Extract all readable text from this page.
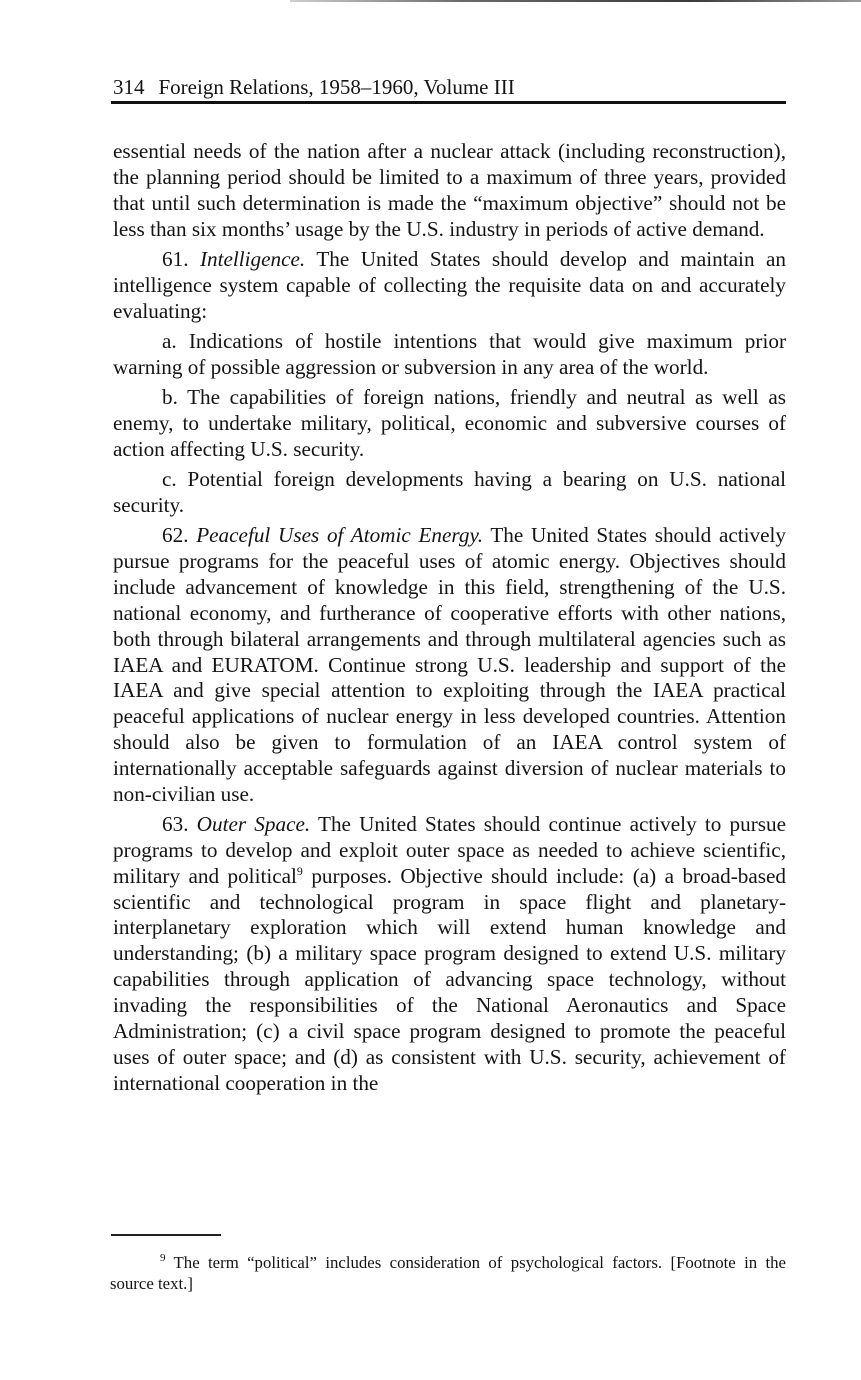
314 Foreign Relations, 1958–1960, Volume III

essential needs of the nation after a nuclear attack (including reconstruction), the planning period should be limited to a maximum of three years, provided that until such determination is made the “maximum objective” should not be less than six months’ usage by the U.S. industry in periods of active demand.

61. Intelligence. The United States should develop and maintain an intelligence system capable of collecting the requisite data on and accurately evaluating:

a. Indications of hostile intentions that would give maximum prior warning of possible aggression or subversion in any area of the world.

b. The capabilities of foreign nations, friendly and neutral as well as enemy, to undertake military, political, economic and subversive courses of action affecting U.S. security.

c. Potential foreign developments having a bearing on U.S. national security.

62. Peaceful Uses of Atomic Energy. The United States should actively pursue programs for the peaceful uses of atomic energy. Objectives should include advancement of knowledge in this field, strengthening of the U.S. national economy, and furtherance of cooperative efforts with other nations, both through bilateral arrangements and through multilateral agencies such as IAEA and EURATOM. Continue strong U.S. leadership and support of the IAEA and give special attention to exploiting through the IAEA practical peaceful applications of nuclear energy in less developed countries. Attention should also be given to formulation of an IAEA control system of internationally acceptable safeguards against diversion of nuclear materials to non-civilian use.

63. Outer Space. The United States should continue actively to pursue programs to develop and exploit outer space as needed to achieve scientific, military and political$^9$ purposes. Objective should include: (a) a broad-based scientific and technological program in space flight and planetary-interplanetary exploration which will extend human knowledge and understanding; (b) a military space program designed to extend U.S. military capabilities through application of advancing space technology, without invading the responsibilities of the National Aeronautics and Space Administration; (c) a civil space program designed to promote the peaceful uses of outer space; and (d) as consistent with U.S. security, achievement of international cooperation in the

$^9$ The term “political” includes consideration of psychological factors. [Footnote in the source text.]
